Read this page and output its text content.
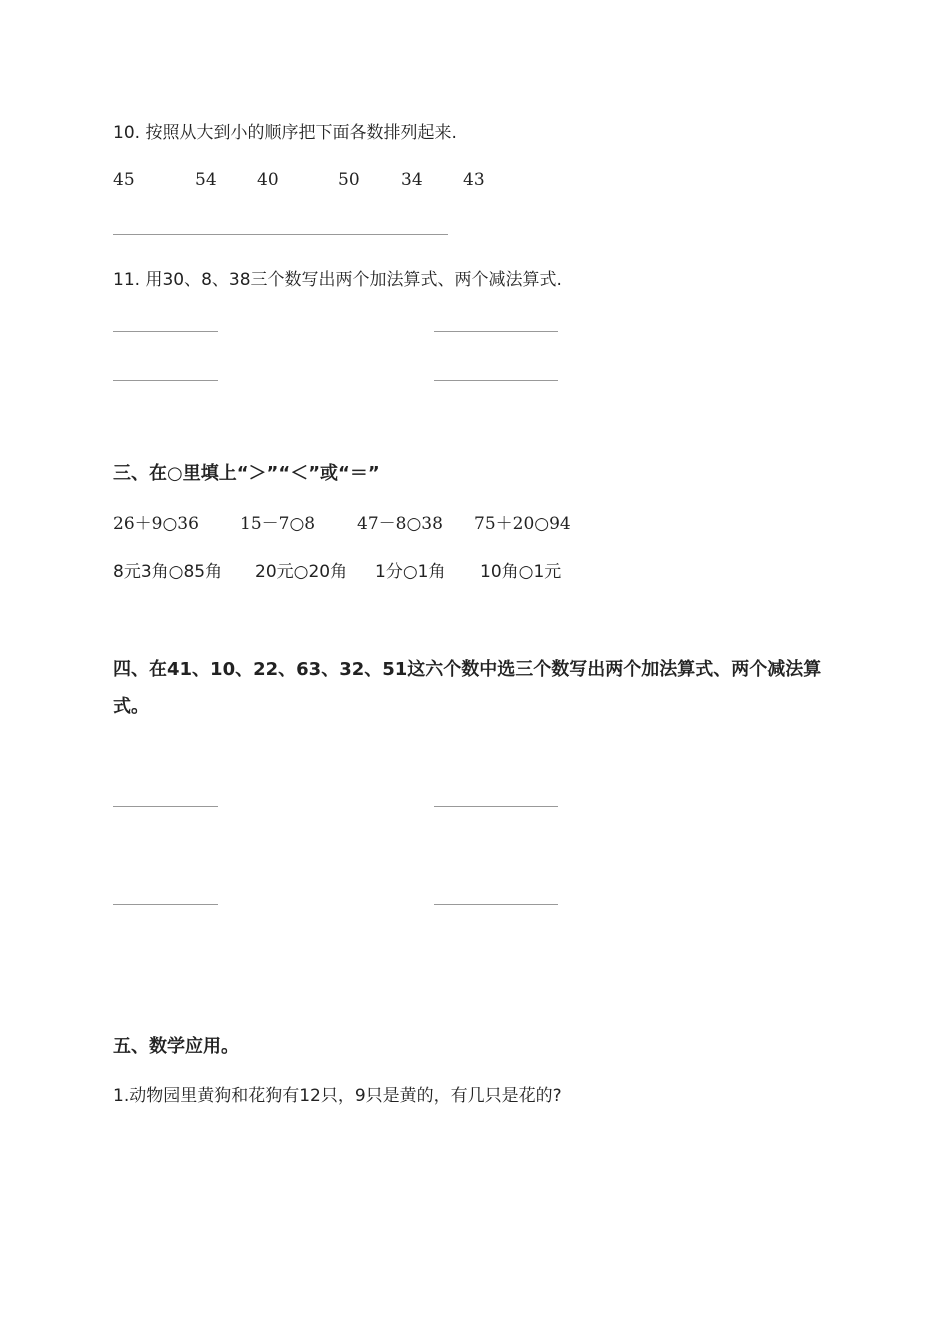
10. 按照从大到小的顺序把下面各数排列起来.
45	54 40	50 34 43
11. 用30、8、38三个数写出两个加法算式、两个减法算式.
三、在○里填上“＞”“＜”或“＝”
26＋9○36 15－7○8 47－8○38 75＋20○94
8元3角○85角 20元○20角 1分○1角 10角○1元
四、在41、10、22、63、32、51这六个数中选三个数写出两个加法算式、两个减法算
式。
五、数学应用。
1.动物园里黄狗和花狗有12只，9只是黄的，有几只是花的?
